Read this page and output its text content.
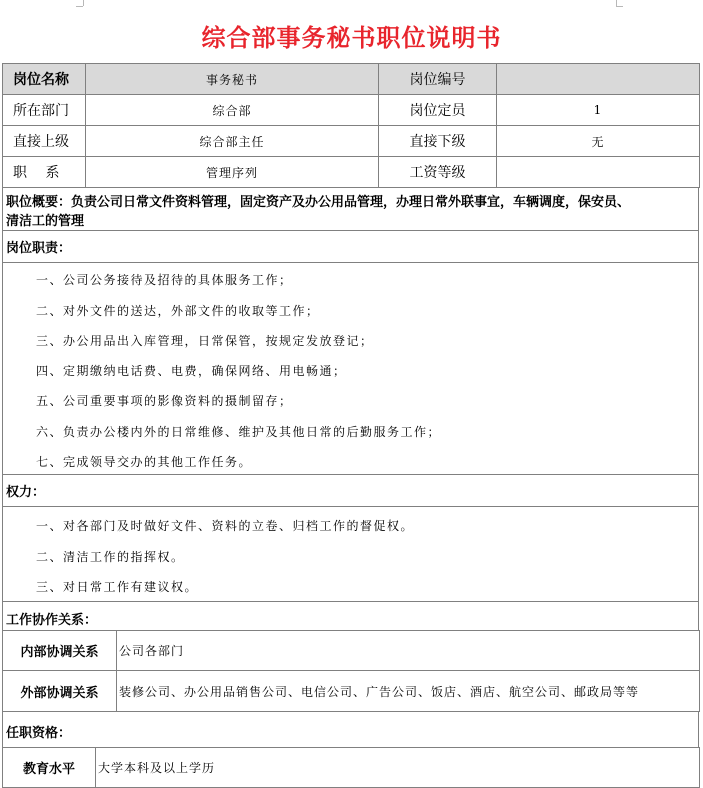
综合部事务秘书职位说明书
岗位名称	事务秘书	岗位编号	
所在部门	综合部	岗位定员	1
直接上级	综合部主任	直接下级	无
职　 系	管理序列	工资等级	
职位概要：负责公司日常文件资料管理，固定资产及办公用品管理，办理日常外联事宜，车辆调度，保安员、
清洁工的管理
岗位职责：
一、公司公务接待及招待的具体服务工作；
二、对外文件的送达，外部文件的收取等工作；
三、办公用品出入库管理，日常保管，按规定发放登记；
四、定期缴纳电话费、电费，确保网络、用电畅通；
五、公司重要事项的影像资料的摄制留存；
六、负责办公楼内外的日常维修、维护及其他日常的后勤服务工作；
七、完成领导交办的其他工作任务。
权力：
一、对各部门及时做好文件、资料的立卷、归档工作的督促权。
二、清洁工作的指挥权。
三、对日常工作有建议权。
工作协作关系：
内部协调关系	公司各部门
外部协调关系	装修公司、办公用品销售公司、电信公司、广告公司、饭店、酒店、航空公司、邮政局等等
任职资格：
教育水平	大学本科及以上学历
